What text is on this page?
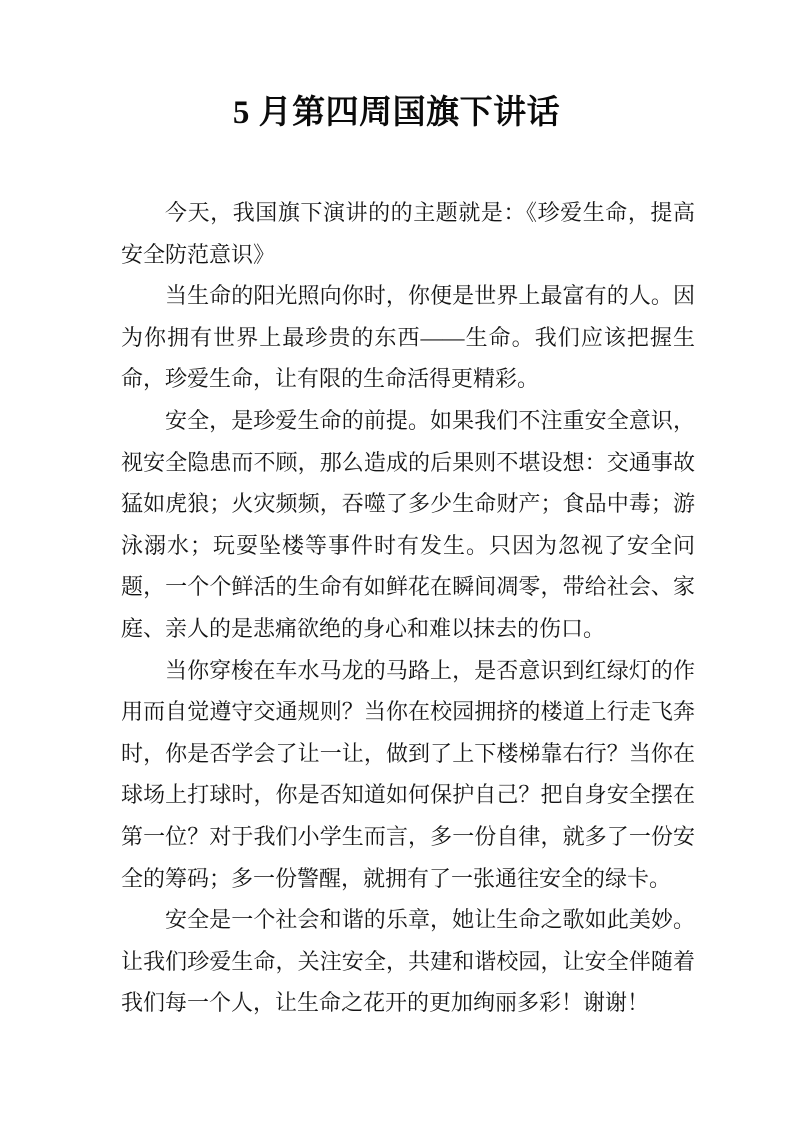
5 月第四周国旗下讲话

今天，我国旗下演讲的的主题就是：《珍爱生命，提高安全防范意识》

当生命的阳光照向你时，你便是世界上最富有的人。因为你拥有世界上最珍贵的东西——生命。我们应该把握生命，珍爱生命，让有限的生命活得更精彩。

安全，是珍爱生命的前提。如果我们不注重安全意识，视安全隐患而不顾，那么造成的后果则不堪设想：交通事故猛如虎狼；火灾频频，吞噬了多少生命财产；食品中毒；游泳溺水；玩耍坠楼等事件时有发生。只因为忽视了安全问题，一个个鲜活的生命有如鲜花在瞬间凋零，带给社会、家庭、亲人的是悲痛欲绝的身心和难以抹去的伤口。

当你穿梭在车水马龙的马路上，是否意识到红绿灯的作用而自觉遵守交通规则？当你在校园拥挤的楼道上行走飞奔时，你是否学会了让一让，做到了上下楼梯靠右行？当你在球场上打球时，你是否知道如何保护自己？把自身安全摆在第一位？对于我们小学生而言，多一份自律，就多了一份安全的筹码；多一份警醒，就拥有了一张通往安全的绿卡。

安全是一个社会和谐的乐章，她让生命之歌如此美妙。让我们珍爱生命，关注安全，共建和谐校园，让安全伴随着我们每一个人，让生命之花开的更加绚丽多彩！谢谢！
